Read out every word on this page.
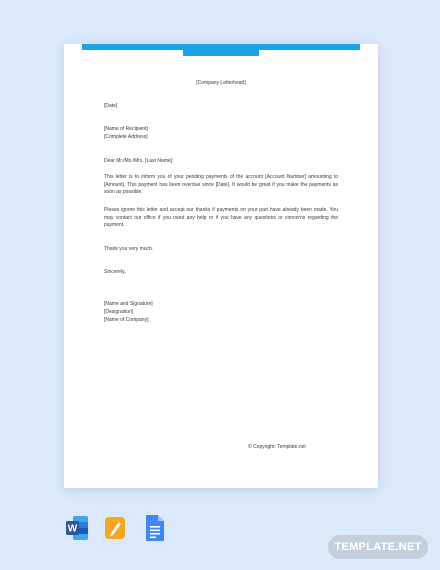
[Company Letterhead]
[Date]
[Name of Recipient]
[Complete Address]
Dear Mr./Ms./Mrs. [Last Name]:
This letter is to inform you of your pending payments of the account [Account Number] amounting to [Amount]. This payment has been overdue since [Date]. It would be great if you make the payments as soon as possible.
Please ignore this letter and accept our thanks if payments on your part have already been made. You may contact our office if you need any help or if you have any questions or concerns regarding the payment.
Thank you very much.
Sincerely,
[Name and Signature]
[Designation]
[Name of Company]
© Copyright: Template.net
W
TEMPLATE.NET
